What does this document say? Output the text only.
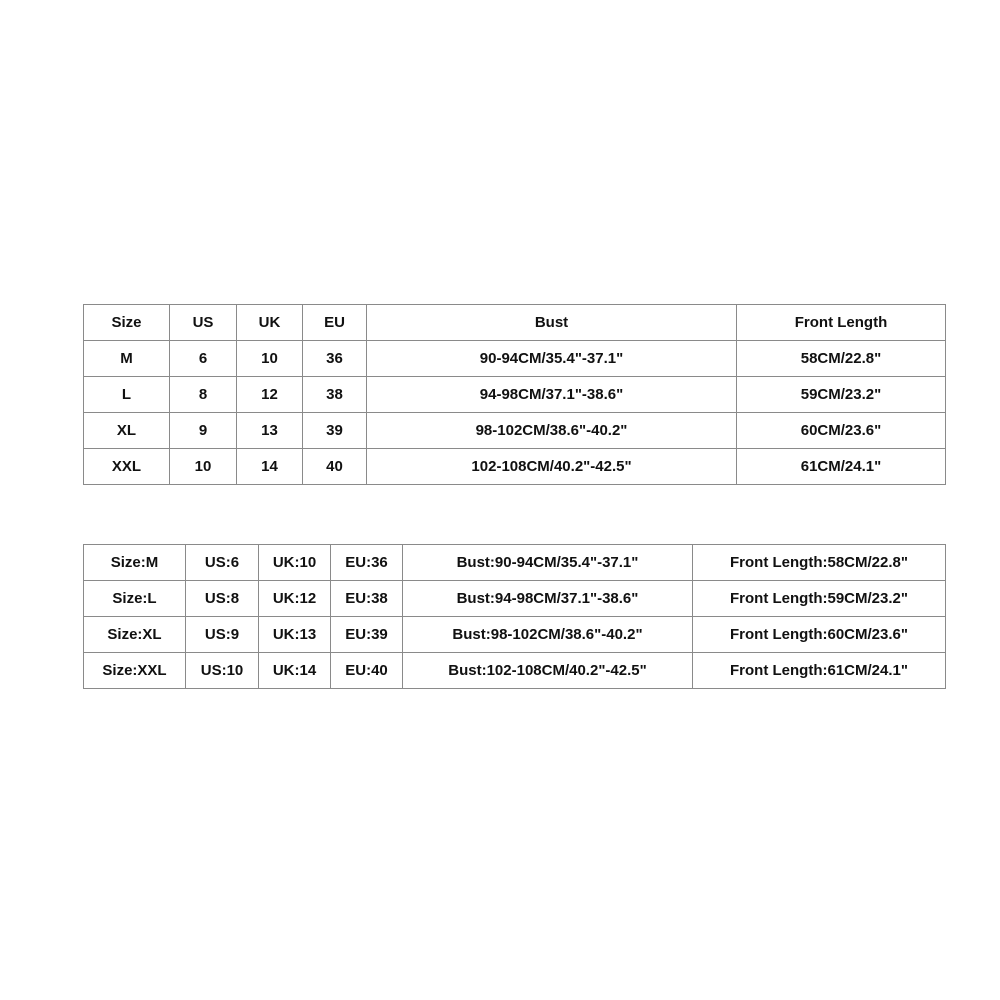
Size	US	UK	EU	Bust	Front Length
M	6	10	36	90-94CM/35.4"-37.1"	58CM/22.8"
L	8	12	38	94-98CM/37.1"-38.6"	59CM/23.2"
XL	9	13	39	98-102CM/38.6"-40.2"	60CM/23.6"
XXL	10	14	40	102-108CM/40.2"-42.5"	61CM/24.1"
Size:M	US:6	UK:10	EU:36	Bust:90-94CM/35.4"-37.1"	Front Length:58CM/22.8"
Size:L	US:8	UK:12	EU:38	Bust:94-98CM/37.1"-38.6"	Front Length:59CM/23.2"
Size:XL	US:9	UK:13	EU:39	Bust:98-102CM/38.6"-40.2"	Front Length:60CM/23.6"
Size:XXL	US:10	UK:14	EU:40	Bust:102-108CM/40.2"-42.5"	Front Length:61CM/24.1"
